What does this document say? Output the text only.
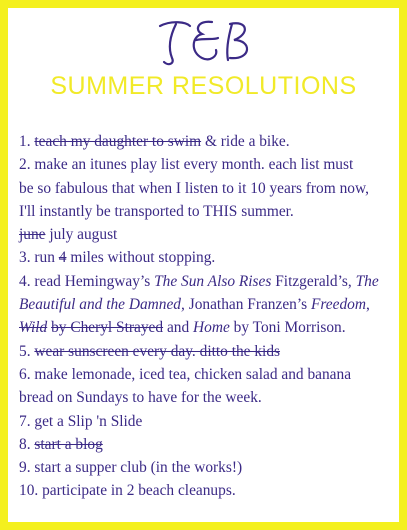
SUMMER RESOLUTIONS
1. teach my daughter to swim & ride a bike.
2. make an itunes play list every month. each list must
be so fabulous that when I listen to it 10 years from now,
I'll instantly be transported to THIS summer.
june july august
3. run 4 miles without stopping.
4. read Hemingway’s The Sun Also Rises Fitzgerald’s, The
Beautiful and the Damned, Jonathan Franzen’s Freedom,
Wild by Cheryl Strayed and Home by Toni Morrison.
5. wear sunscreen every day. ditto the kids
6. make lemonade, iced tea, chicken salad and banana
bread on Sundays to have for the week.
7. get a Slip 'n Slide
8. start a blog
9. start a supper club (in the works!)
10. participate in 2 beach cleanups.
